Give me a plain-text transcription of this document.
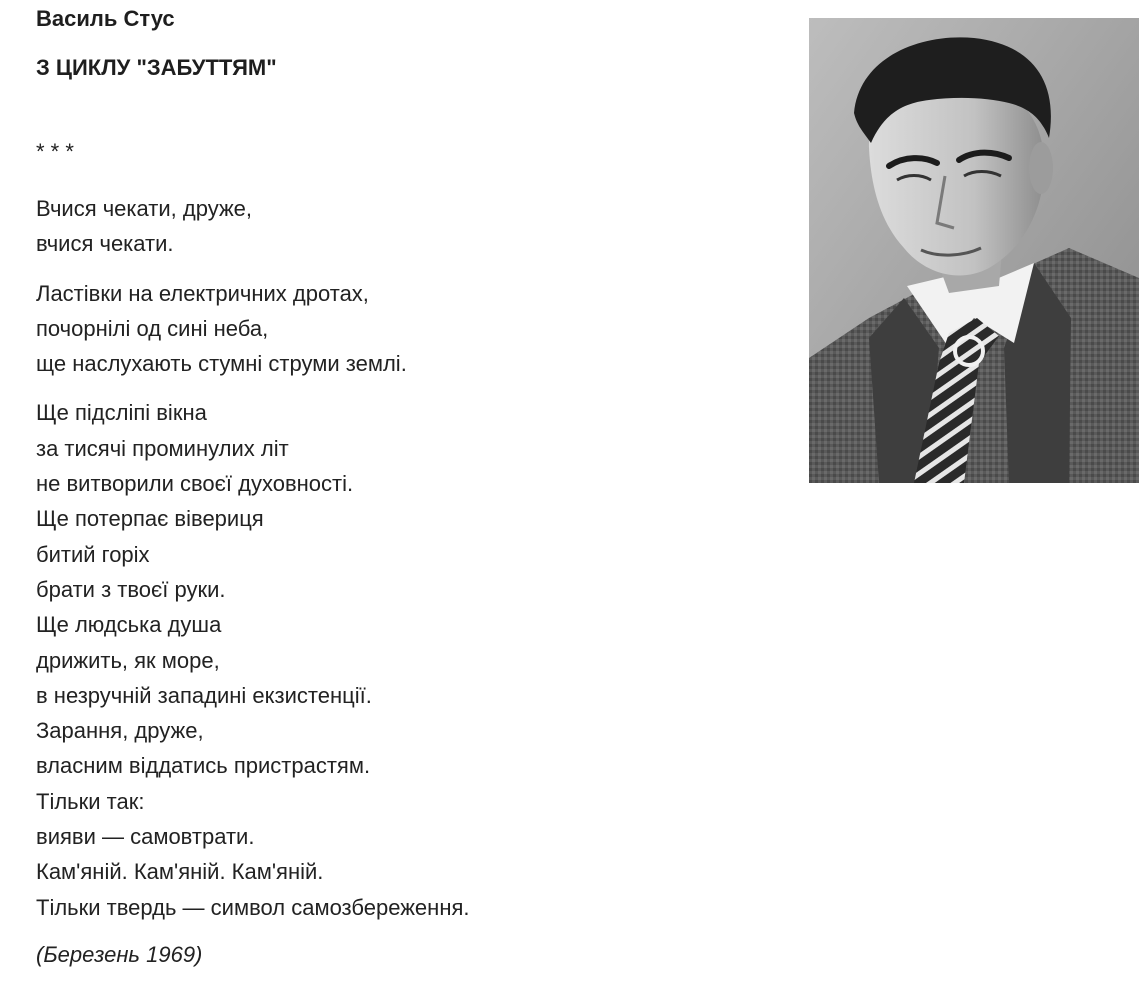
Василь Стус
З ЦИКЛУ "ЗАБУТТЯМ"
* * *
Вчися чекати, друже,
вчися чекати.
Ластівки на електричних дротах,
почорнілі од сині неба,
ще наслухають стумні струми землі.
Ще підсліпі вікна
за тисячі проминулих літ
не витворили своєї духовності.
Ще потерпає вівериця
битий горіх
брати з твоєї руки.
Ще людська душа
дрижить, як море,
в незручній западині екзистенції.
Зарання, друже,
власним віддатись пристрастям.
Тільки так:
вияви — самовтрати.
Кам'яній. Кам'яній. Кам'яній.
Тільки твердь — символ самозбереження.
(Березень 1969)
